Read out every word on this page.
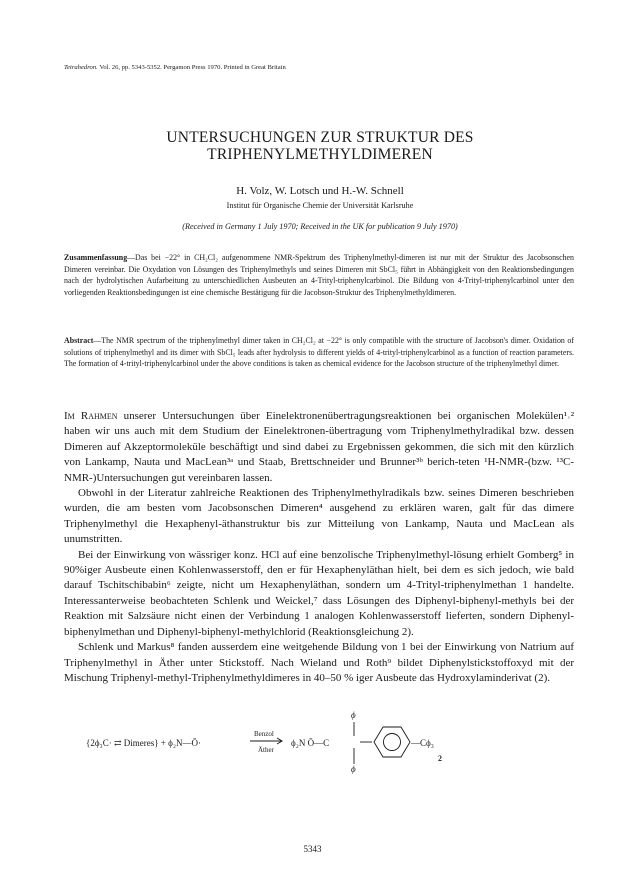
Tetrahedron. Vol. 26, pp. 5343-5352. Pergamon Press 1970. Printed in Great Britain
UNTERSUCHUNGEN ZUR STRUKTUR DES
TRIPHENYLMETHYLDIMEREN
H. Volz, W. Lotsch und H.-W. Schnell
Institut für Organische Chemie der Universität Karlsruhe
(Received in Germany 1 July 1970; Received in the UK for publication 9 July 1970)
Zusammenfassung—Das bei −22° in CH₂Cl₂ aufgenommene NMR-Spektrum des Triphenylmethyl-dimeren ist nur mit der Struktur des Jacobsonschen Dimeren vereinbar. Die Oxydation von Lösungen des Triphenylmethyls und seines Dimeren mit SbCl₅ führt in Abhängigkeit von den Reaktionsbedingungen nach der hydrolytischen Aufarbeitung zu unterschiedlichen Ausbeuten an 4-Trityl-triphenylcarbinol. Die Bildung von 4-Trityl-triphenylcarbinol unter den vorliegenden Reaktionsbedingungen ist eine chemische Bestätigung für die Jacobson-Struktur des Triphenylmethyldimeren.
Abstract—The NMR spectrum of the triphenylmethyl dimer taken in CH₂Cl₂ at −22° is only compatible with the structure of Jacobson's dimer. Oxidation of solutions of triphenylmethyl and its dimer with SbCl₅ leads after hydrolysis to different yields of 4-trityl-triphenylcarbinol as a function of reaction parameters. The formation of 4-trityl-triphenylcarbinol under the above conditions is taken as chemical evidence for the Jacobson structure of the triphenylmethyl dimer.

Im Rahmen unserer Untersuchungen über Einelektronenübertragungsreaktionen bei organischen Molekülen¹˒² haben wir uns auch mit dem Studium der Einelektronen-übertragung vom Triphenylmethylradikal bzw. dessen Dimeren auf Akzeptormoleküle beschäftigt und sind dabei zu Ergebnissen gekommen, die sich mit den kürzlich von Lankamp, Nauta und MacLean³ᵃ und Staab, Brettschneider und Brunner³ᵇ berich-teten ¹H-NMR-(bzw. ¹³C-NMR-)Untersuchungen gut vereinbaren lassen.

Obwohl in der Literatur zahlreiche Reaktionen des Triphenylmethylradikals bzw. seines Dimeren beschrieben wurden, die am besten vom Jacobsonschen Dimeren⁴ ausgehend zu erklären waren, galt für das dimere Triphenylmethyl die Hexaphenyl-äthanstruktur bis zur Mitteilung von Lankamp, Nauta und MacLean als unumstritten.

Bei der Einwirkung von wässriger konz. HCl auf eine benzolische Triphenylmethyl-lösung erhielt Gomberg⁵ in 90%iger Ausbeute einen Kohlenwasserstoff, den er für Hexaphenyläthan hielt, bei dem es sich jedoch, wie bald darauf Tschitschibabin⁶ zeigte, nicht um Hexaphenyläthan, sondern um 4-Trityl-triphenylmethan 1 handelte. Interessanterweise beobachteten Schlenk und Weickel,⁷ dass Lösungen des Diphenyl-biphenyl-methyls bei der Reaktion mit Salzsäure nicht einen der Verbindung 1 analogen Kohlenwasserstoff lieferten, sondern Diphenyl-biphenylmethan und Diphenyl-biphenyl-methylchlorid (Reaktionsgleichung 2).

Schlenk und Markus⁸ fanden ausserdem eine weitgehende Bildung von 1 bei der Einwirkung von Natrium auf Triphenylmethyl in Äther unter Stickstoff. Nach Wieland und Roth⁹ bildet Diphenylstickstoffoxyd mit der Mischung Triphenyl-methyl-Triphenylmethyldimeres in 40–50 % iger Ausbeute das Hydroxylaminderivat (2).

{2ϕ₃C· ⇄ Dimeres} + ϕ₂N—Ō·
Benzol
Äther
ϕ₂N Ō—C
ϕ
ϕ
—Cϕ₃
2
5343
